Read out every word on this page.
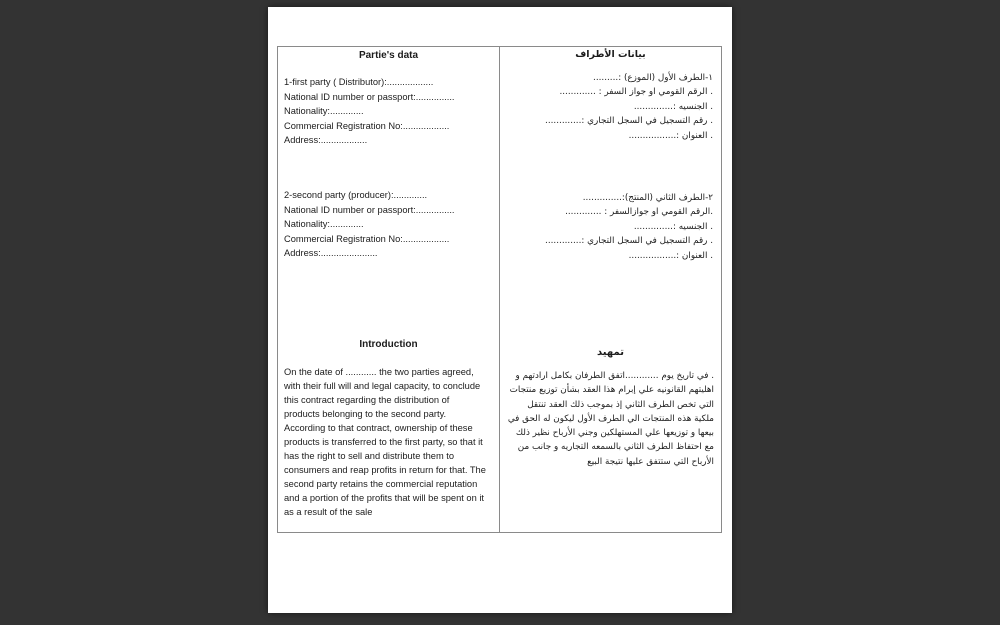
Partie's data
1-first party ( Distributor):..................
National ID number or passport:...............
Nationality:.............
Commercial Registration No:..................
Address:..................
2-second party (producer):.............
National ID number or passport:...............
Nationality:.............
Commercial Registration No:..................
Address:......................
Introduction
On the date of ............ the two parties agreed, with their full will and legal capacity, to conclude this contract regarding the distribution of products belonging to the second party. According to that contract, ownership of these products is transferred to the first party, so that it has the right to sell and distribute them to consumers and reap profits in return for that. The second party retains the commercial reputation and a portion of the profits that will be spent on it as a result of the sale
بيانات الأطراف
١-الطرف الأول (الموزع) :.........
. الرقم القومي او جواز السفر : .............
. الجنسيه :..............
. رقم التسجيل في السجل التجاري :.............
. العنوان :.................
٢-الطرف الثاني (المنتج):..............
.الرقم القومي او جوازالسفر : .............
. الجنسيه :..............
. رقم التسجيل في السجل التجاري :.............
. العنوان :.................
تمهيد
. في تاريخ يوم ............اتفق الطرفان بكامل ارادتهم و اهليتهم القانونيه علي إبرام هذا العقد بشأن توزيع منتجات التي تخص الطرف الثاني إذ بموجب ذلك العقد تنتقل ملكية هذه المنتجات الي الطرف الأول ليكون له الحق في بيعها و توزيعها علي المستهلكين وجني الأرباح نظير ذلك مع احتفاظ الطرف الثاني بالسمعه التجاريه و جانب من الأرباح التي ستتفق عليها نتيجة البيع
